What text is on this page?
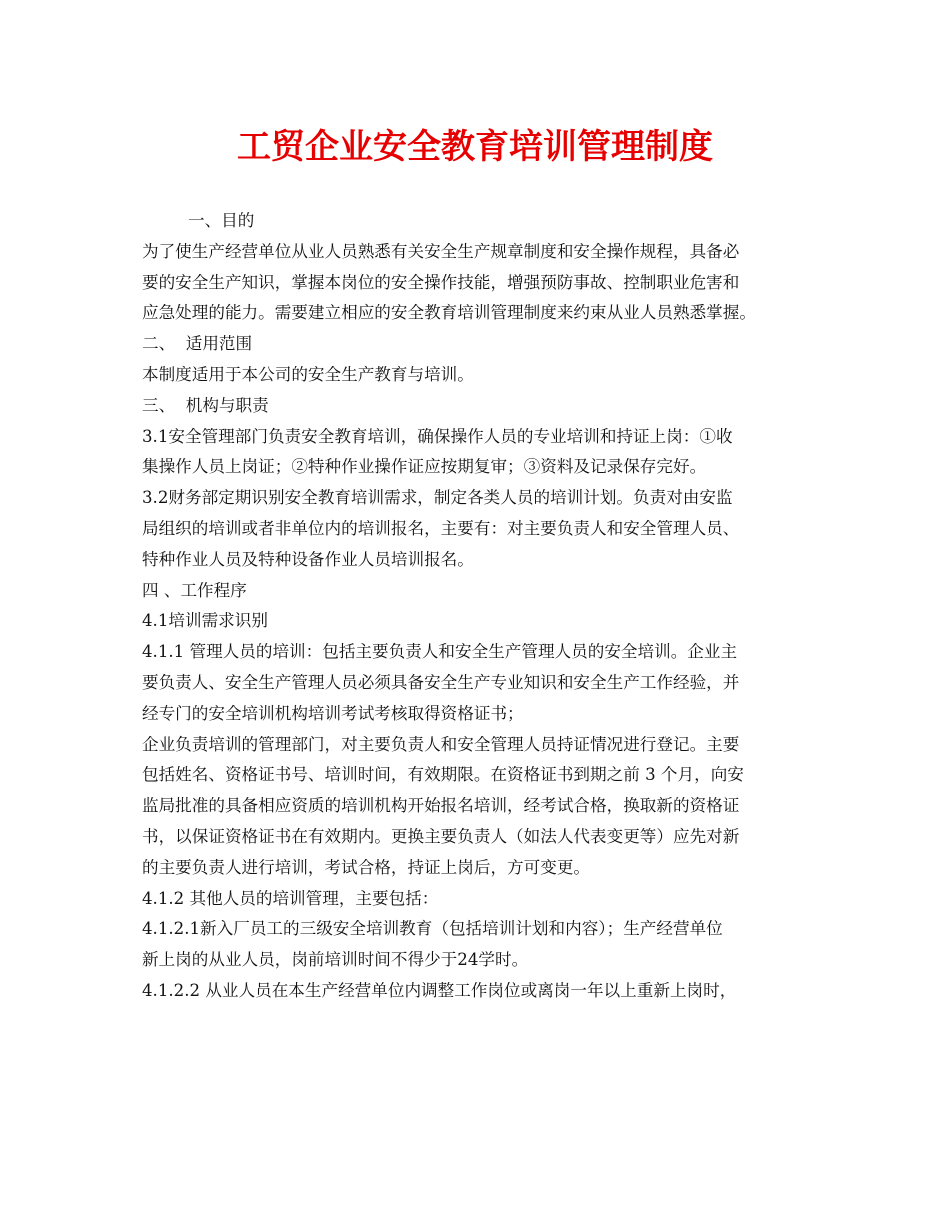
工贸企业安全教育培训管理制度
一、目的
为了使生产经营单位从业人员熟悉有关安全生产规章制度和安全操作规程，具备必
要的安全生产知识，掌握本岗位的安全操作技能，增强预防事故、控制职业危害和
应急处理的能力。需要建立相应的安全教育培训管理制度来约束从业人员熟悉掌握。
二、  适用范围
本制度适用于本公司的安全生产教育与培训。
三、  机构与职责
3.1安全管理部门负责安全教育培训，确保操作人员的专业培训和持证上岗：①收
集操作人员上岗证；②特种作业操作证应按期复审；③资料及记录保存完好。
3.2财务部定期识别安全教育培训需求，制定各类人员的培训计划。负责对由安监
局组织的培训或者非单位内的培训报名，主要有：对主要负责人和安全管理人员、
特种作业人员及特种设备作业人员培训报名。
四 、工作程序
4.1培训需求识别
4.1.1 管理人员的培训：包括主要负责人和安全生产管理人员的安全培训。企业主
要负责人、安全生产管理人员必须具备安全生产专业知识和安全生产工作经验，并
经专门的安全培训机构培训考试考核取得资格证书；
企业负责培训的管理部门，对主要负责人和安全管理人员持证情况进行登记。主要
包括姓名、资格证书号、培训时间，有效期限。在资格证书到期之前 3 个月，向安
监局批准的具备相应资质的培训机构开始报名培训，经考试合格，换取新的资格证
书，以保证资格证书在有效期内。更换主要负责人（如法人代表变更等）应先对新
的主要负责人进行培训，考试合格，持证上岗后，方可变更。
4.1.2 其他人员的培训管理，主要包括：
4.1.2.1新入厂员工的三级安全培训教育（包括培训计划和内容）；生产经营单位
新上岗的从业人员，岗前培训时间不得少于24学时。
4.1.2.2 从业人员在本生产经营单位内调整工作岗位或离岗一年以上重新上岗时，
